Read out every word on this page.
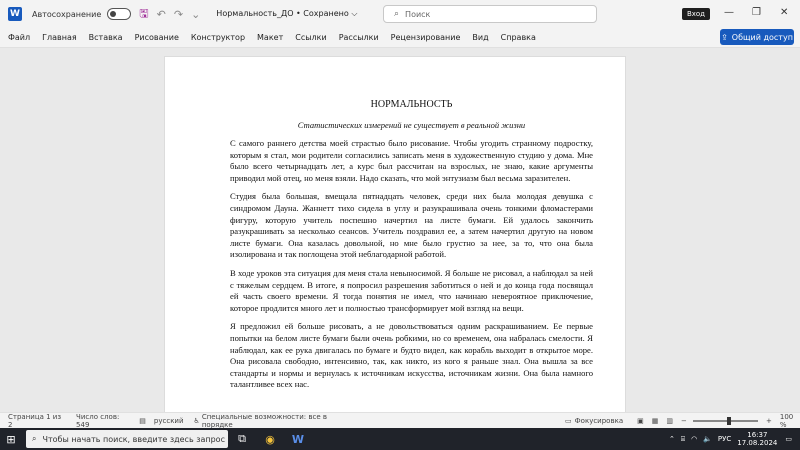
W Автосохранение	🖫 ↶ ↷ ⌄ Нормальность_ДО • Сохранено ⌵	⌕ Поиск	Вход	— ❐ ✕
Файл Главная Вставка Рисование Конструктор Макет Ссылки Рассылки Рецензирование Вид Справка	⇪ Общий доступ
НОРМАЛЬНОСТЬ
Статистических измерений не существует в реальной жизни

С самого раннего детства моей страстью было рисование. Чтобы угодить странному подростку, которым я стал, мои родители согласились записать меня в художественную студию у дома. Мне было всего четырнадцать лет, а курс был рассчитан на взрослых, не знаю, какие аргументы приводил мой отец, но меня взяли. Надо сказать, что мой энтузиазм был весьма заразителен.

Студия была большая, вмещала пятнадцать человек, среди них была молодая девушка с синдромом Дауна. Жаннетт тихо сидела в углу и разукрашивала очень тонкими фломастерами фигуру, которую учитель поспешно начертил на листе бумаги. Ей удалось закончить разукрашивать за несколько сеансов. Учитель поздравил ее, а затем начертил другую на новом листе бумаги. Она казалась довольной, но мне было грустно за нее, за то, что она была изолирована и так поглощена этой неблагодарной работой.

В ходе уроков эта ситуация для меня стала невыносимой. Я больше не рисовал, а наблюдал за ней с тяжелым сердцем. В итоге, я попросил разрешения заботиться о ней и до конца года посвящал ей часть своего времени. Я тогда понятия не имел, что начинаю невероятное приключение, которое продлится много лет и полностью трансформирует мой взгляд на вещи.

Я предложил ей больше рисовать, а не довольствоваться одним раскрашиванием. Ее первые попытки на белом листе бумаги были очень робкими, но со временем, она набралась смелости. Я наблюдал, как ее рука двигалась по бумаге и будто видел, как корабль выходит в открытое море. Она рисовала свободно, интенсивно, так, как никто, из кого я раньше знал. Она вышла за все стандарты и нормы и вернулась к источникам искусства, источникам жизни. Она была намного талантливее всех нас.

Страница 1 из 2
Число слов: 549	▤ русский ♿ Специальные возможности: все в порядке	▭ Фокусировка ▣ ▦ ▥ −	+ 100 %
⊞	⌕ Чтобы начать поиск, введите здесь запрос	⧉	◉	W	⌃ ⌸ ◠ 🔈 РУС	16:37
17.08.2024 ▭
